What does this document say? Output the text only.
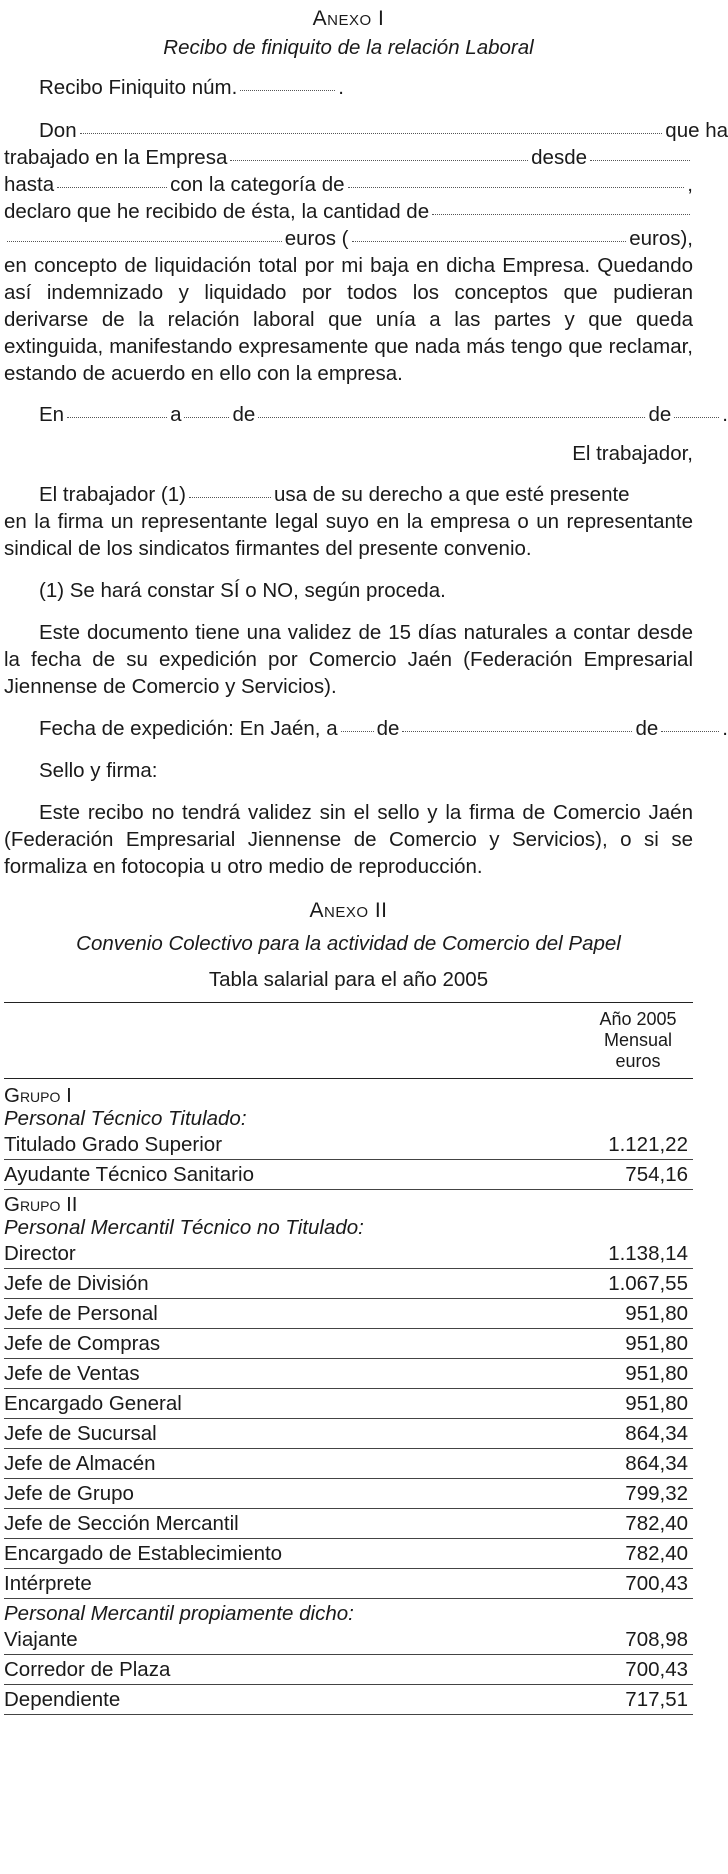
Anexo I
Recibo de finiquito de la relación Laboral
Recibo Finiquito núm.	.
Don	que ha
trabajado en la Empresa	desde
hasta	con la categoría de	,
declaro que he recibido de ésta, la cantidad de
euros (	euros),

en concepto de liquidación total por mi baja en dicha Empresa. Quedando así indemnizado y liquidado por todos los conceptos que pudieran derivarse de la relación laboral que unía a las partes y que queda extinguida, manifestando expresamente que nada más tengo que reclamar, estando de acuerdo en ello con la empresa.

En	a de	de .
El trabajador,
El trabajador (1)	usa de su derecho a que esté presente

en la firma un representante legal suyo en la empresa o un representante sindical de los sindicatos firmantes del presente convenio.

(1) Se hará constar SÍ o NO, según proceda.

Este documento tiene una validez de 15 días naturales a contar desde la fecha de su expedición por Comercio Jaén (Federación Empresarial Jiennense de Comercio y Servicios).

Fecha de expedición: En Jaén, a de	de	.

Sello y firma:

Este recibo no tendrá validez sin el sello y la firma de Comercio Jaén (Federación Empresarial Jiennense de Comercio y Servicios), o si se formaliza en fotocopia u otro medio de reproducción.

Anexo II
Convenio Colectivo para la actividad de Comercio del Papel
Tabla salarial para el año 2005

	Año 2005
Mensual
euros

Grupo I
Personal Técnico Titulado:	

Titulado Grado Superior	1.121,22
Ayudante Técnico Sanitario	754,16

Grupo II
Personal Mercantil Técnico no Titulado:	

Director	1.138,14
Jefe de División	1.067,55
Jefe de Personal	951,80
Jefe de Compras	951,80
Jefe de Ventas	951,80
Encargado General	951,80
Jefe de Sucursal	864,34
Jefe de Almacén	864,34
Jefe de Grupo	799,32
Jefe de Sección Mercantil	782,40
Encargado de Establecimiento	782,40
Intérprete	700,43

Personal Mercantil propiamente dicho:	

Viajante	708,98
Corredor de Plaza	700,43
Dependiente	717,51
